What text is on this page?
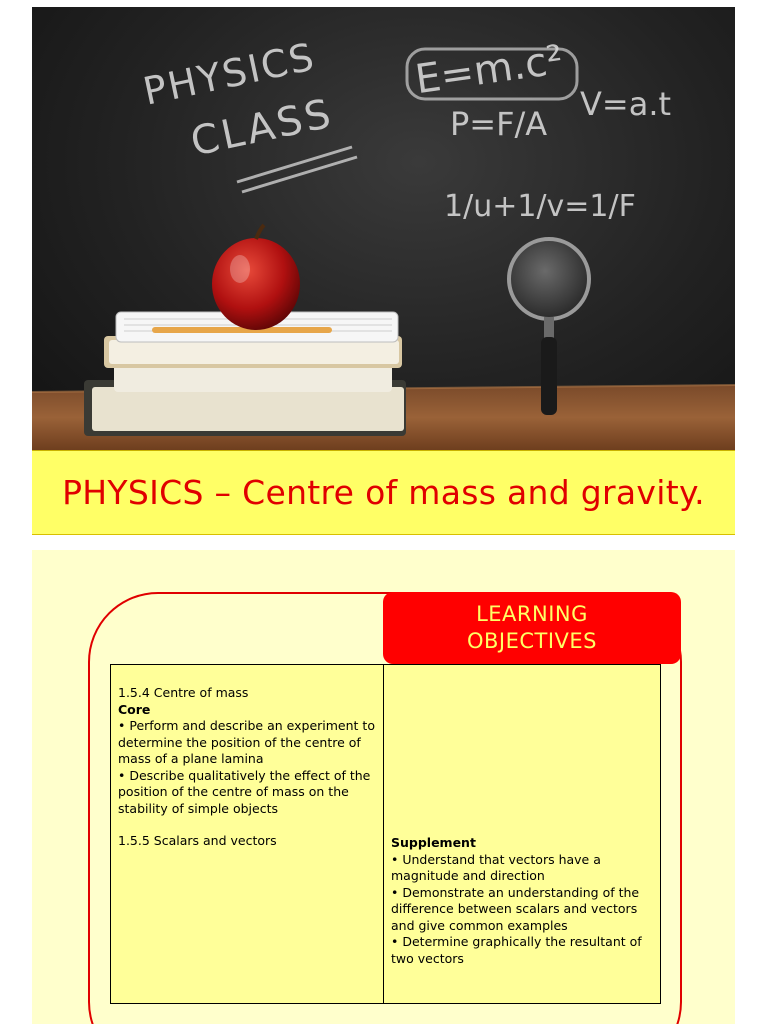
PHYSICS
CLASS
E=m.c²
V=a.t
P=F/A
1/u+1/v=1/F
PHYSICS – Centre of mass and gravity.
LEARNING
OBJECTIVES

1.5.4 Centre of mass

Core

• Perform and describe an experiment to determine the position of the centre of mass of a plane lamina

• Describe qualitatively the effect of the position of the centre of mass on the stability of simple objects

1.5.5 Scalars and vectors	Supplement

• Understand that vectors have a magnitude and direction

• Demonstrate an understanding of the difference between scalars and vectors and give common examples

• Determine graphically the resultant of two vectors
